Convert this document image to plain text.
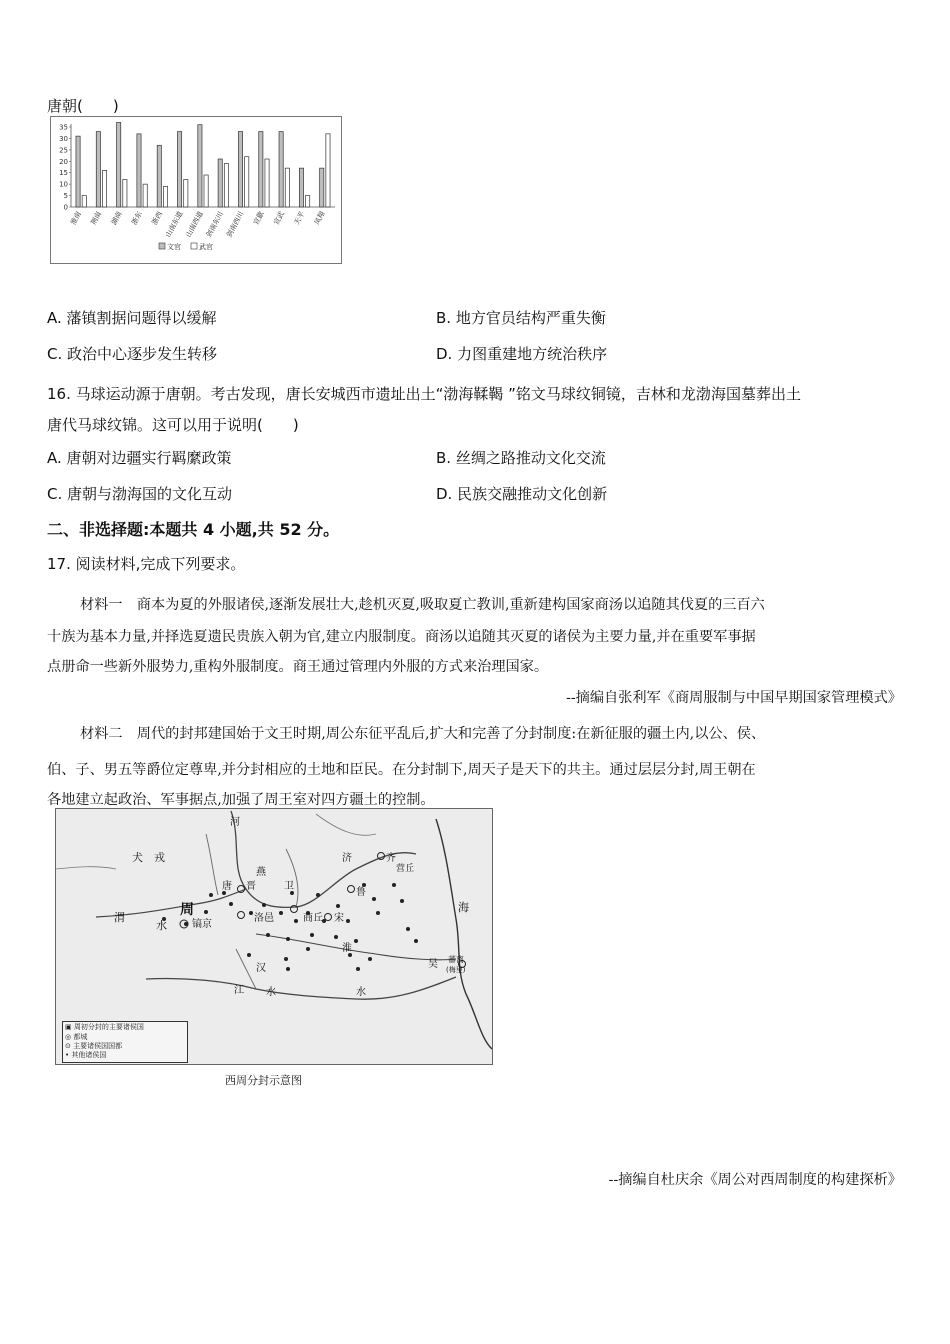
唐朝(　　)
0
5
10
15
20
25
30
35
淮南 荆南 湖南 浙东 浙西 山南东道 山南西道 剑南东川 剑南西川 宣歙 宣武 天平 凤翔
文官	武官
A. 藩镇割据问题得以缓解	B. 地方官员结构严重失衡
C. 政治中心逐步发生转移	D. 力图重建地方统治秩序
16. 马球运动源于唐朝。考古发现，唐长安城西市遗址出土“渤海鞣鞨 ”铭文马球纹铜镜，吉林和龙渤海国墓葬出土
唐代马球纹锦。这可以用于说明(　　)
A. 唐朝对边疆实行羁縻政策	B. 丝绸之路推动文化交流
C. 唐朝与渤海国的文化互动	D. 民族交融推动文化创新
二、非选择题:本题共 4 小题,共 52 分。
17. 阅读材料,完成下列要求。
材料一　商本为夏的外服诸侯,逐渐发展壮大,趁机灭夏,吸取夏亡教训,重新建构国家商汤以追随其伐夏的三百六
十族为基本力量,并择选夏遗民贵族入朝为官,建立内服制度。商汤以追随其灭夏的诸侯为主要力量,并在重要军事据
点册命一些新外服势力,重构外服制度。商王通过管理内外服的方式来治理国家。
--摘编自张利军《商周服制与中国早期国家管理模式》
材料二　周代的封邦建国始于文王时期,周公东征平乱后,扩大和完善了分封制度:在新征服的疆土内,以公、侯、
伯、子、男五等爵位定尊卑,并分封相应的土地和臣民。在分封制下,周天子是天下的共主。通过层层分封,周王朝在
各地建立起政治、军事据点,加强了周王室对四方疆土的控制。
河
犬　戎
周
镐京
渭
水
唐 晋	卫
洛邑	商丘 宋
鲁
齐
营丘
济
燕
海
淮
汉
江 水	水
吴 蕃离
(梅里)
▣ 周初分封的主要诸侯国
◎ 都城
⊙ 主要诸侯国国都
• 其他诸侯国
西周分封示意图
--摘编自杜庆余《周公对西周制度的构建探析》
